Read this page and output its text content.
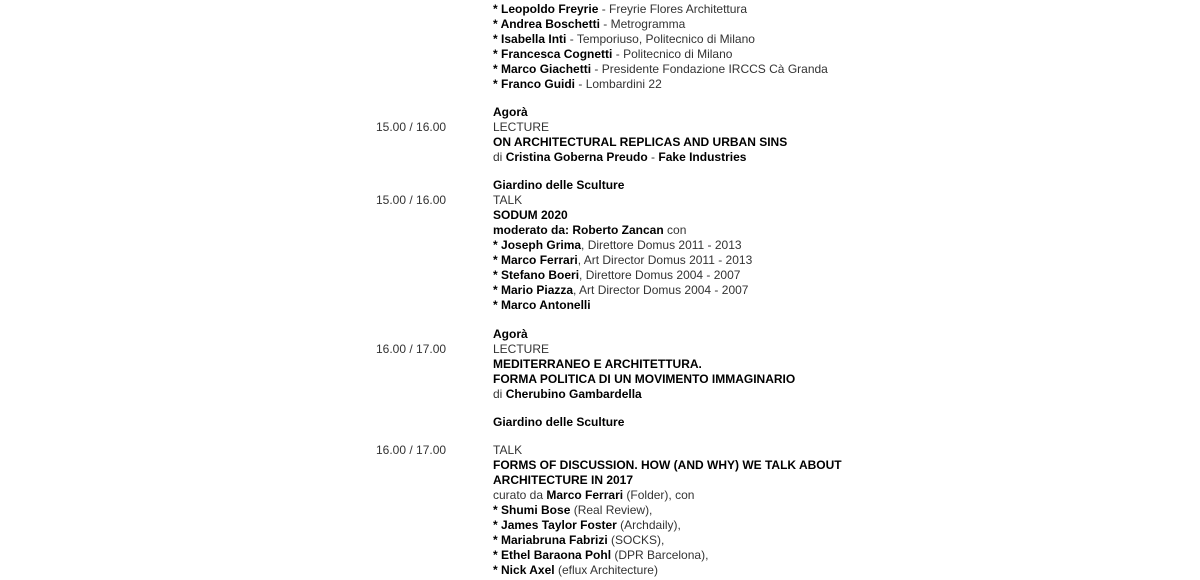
* Leopoldo Freyrie - Freyrie Flores Architettura
* Andrea Boschetti - Metrogramma
* Isabella Inti - Temporiuso, Politecnico di Milano
* Francesca Cognetti - Politecnico di Milano
* Marco Giachetti - Presidente Fondazione IRCCS Cà Granda
* Franco Guidi - Lombardini 22
Agorà
15.00 / 16.00	LECTURE
ON ARCHITECTURAL REPLICAS AND URBAN SINS
di Cristina Goberna Preudo - Fake Industries
Giardino delle Sculture
15.00 / 16.00	TALK
SODUM 2020
moderato da: Roberto Zancan con
* Joseph Grima, Direttore Domus 2011 - 2013
* Marco Ferrari, Art Director Domus 2011 - 2013
* Stefano Boeri, Direttore Domus 2004 - 2007
* Mario Piazza, Art Director Domus 2004 - 2007
* Marco Antonelli
Agorà
16.00 / 17.00	LECTURE
MEDITERRANEO E ARCHITETTURA.
FORMA POLITICA DI UN MOVIMENTO IMMAGINARIO
di Cherubino Gambardella
Giardino delle Sculture
16.00 / 17.00	TALK
FORMS OF DISCUSSION. HOW (AND WHY) WE TALK ABOUT
ARCHITECTURE IN 2017
curato da Marco Ferrari (Folder), con
* Shumi Bose (Real Review),
* James Taylor Foster (Archdaily),
* Mariabruna Fabrizi (SOCKS),
* Ethel Baraona Pohl (DPR Barcelona),
* Nick Axel (eflux Architecture)
